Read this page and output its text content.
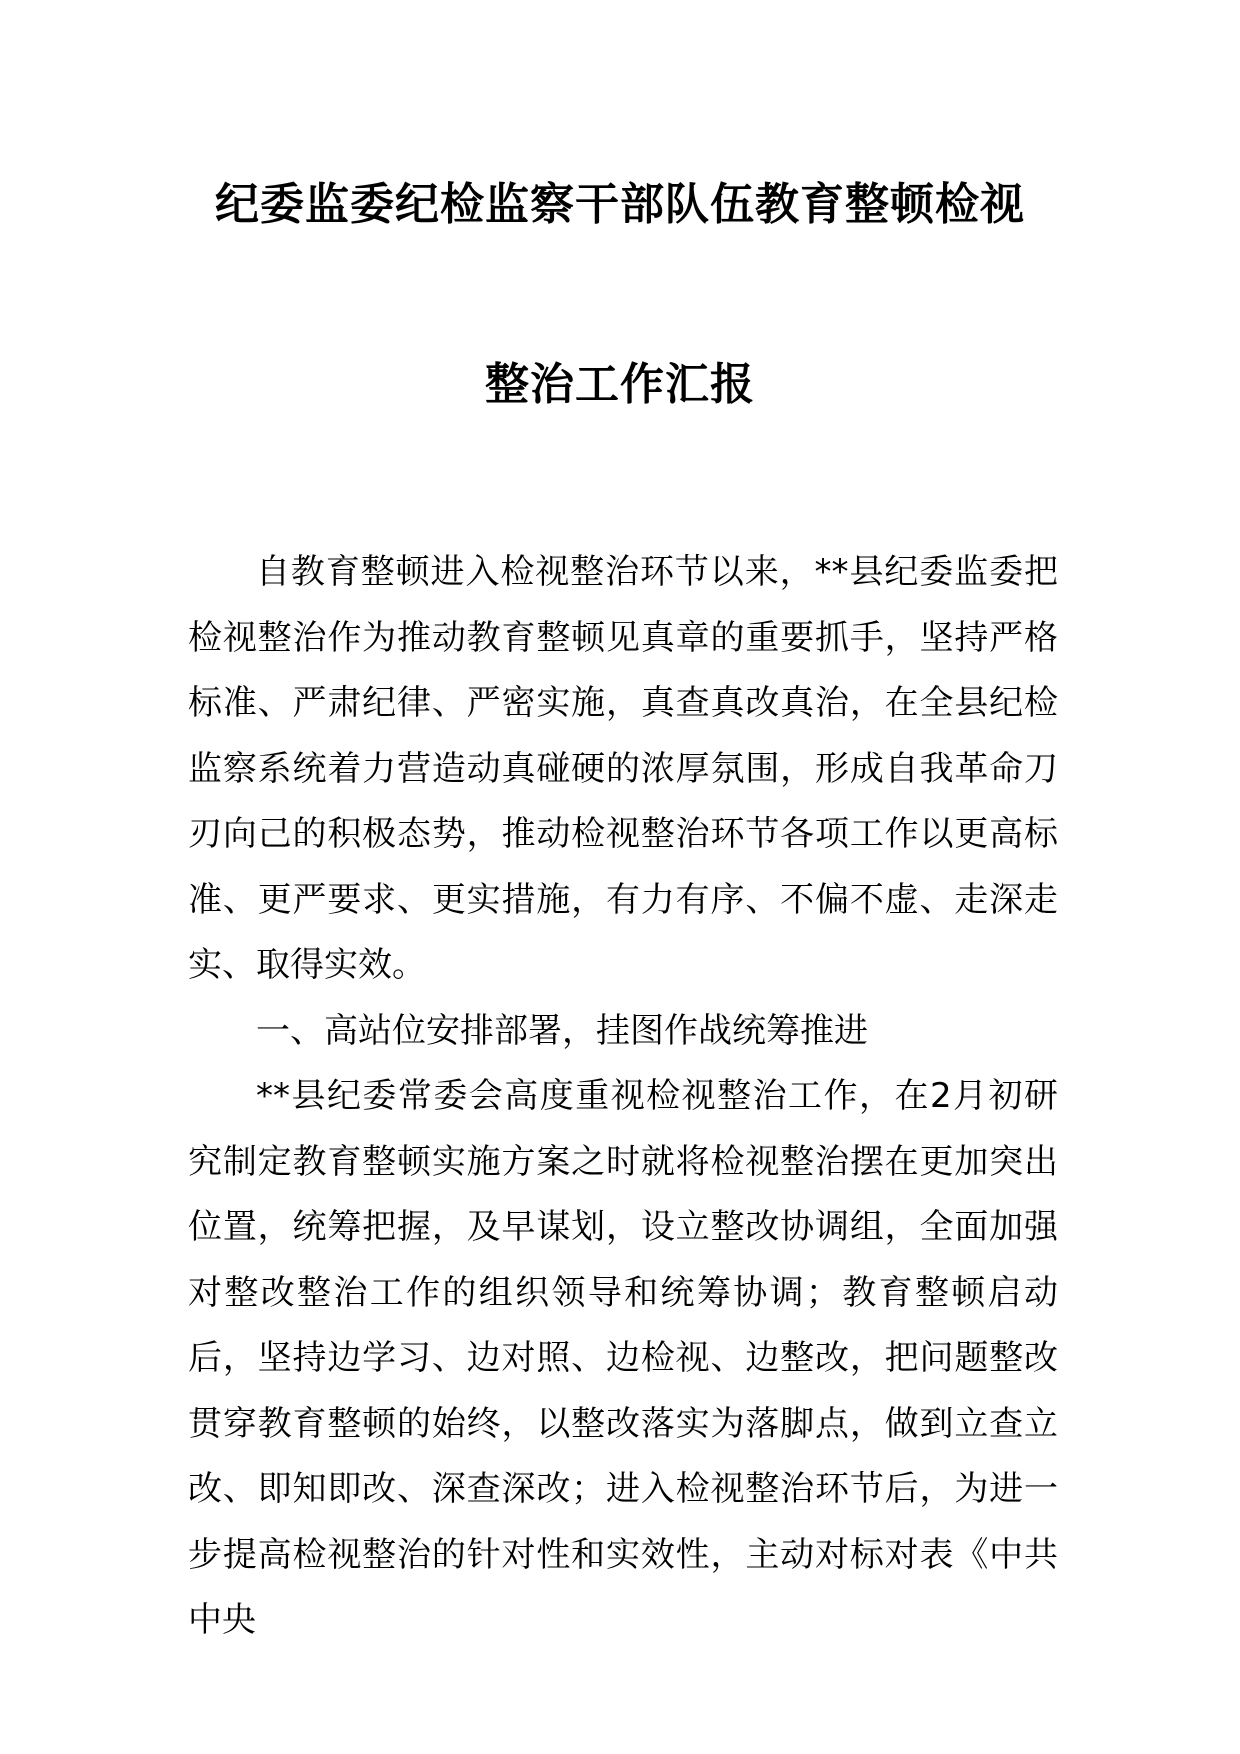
纪委监委纪检监察干部队伍教育整顿检视
整治工作汇报

自教育整顿进入检视整治环节以来，**县纪委监委把检视整治作为推动教育整顿见真章的重要抓手，坚持严格标准、严肃纪律、严密实施，真查真改真治，在全县纪检监察系统着力营造动真碰硬的浓厚氛围，形成自我革命刀刃向己的积极态势，推动检视整治环节各项工作以更高标准、更严要求、更实措施，有力有序、不偏不虚、走深走实、取得实效。

一、高站位安排部署，挂图作战统筹推进

**县纪委常委会高度重视检视整治工作，在2月初研究制定教育整顿实施方案之时就将检视整治摆在更加突出位置，统筹把握，及早谋划，设立整改协调组，全面加强对整改整治工作的组织领导和统筹协调；教育整顿启动后，坚持边学习、边对照、边检视、边整改，把问题整改贯穿教育整顿的始终，以整改落实为落脚点，做到立查立改、即知即改、深查深改；进入检视整治环节后，为进一步提高检视整治的针对性和实效性，主动对标对表《中共中央
